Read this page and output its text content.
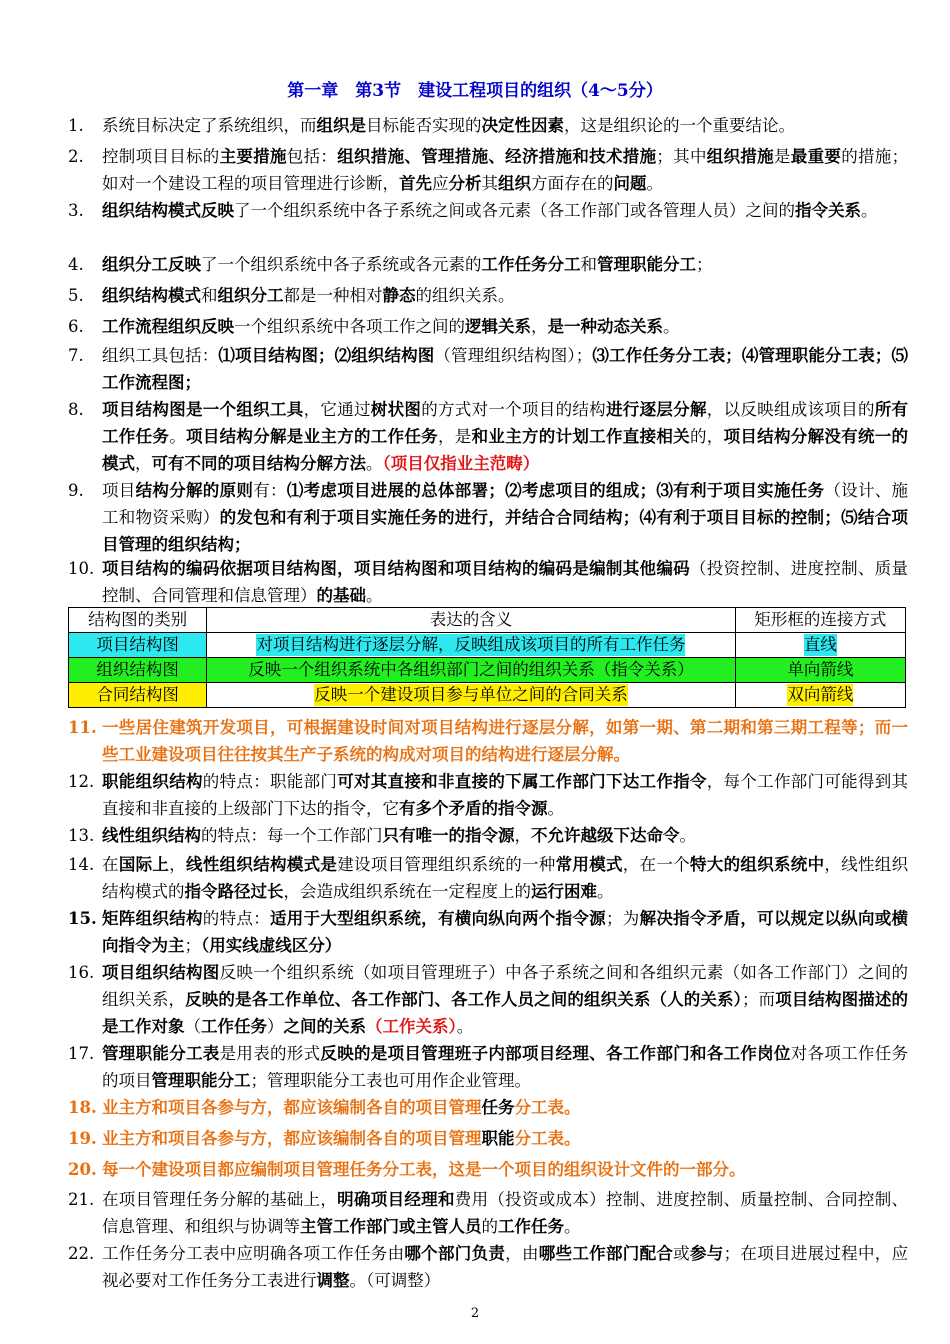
第一章　第3节　建设工程项目的组织（4～5分）
1.	系统目标决定了系统组织，而组织是目标能否实现的决定性因素，这是组织论的一个重要结论。
2.	控制项目目标的主要措施包括：组织措施、管理措施、经济措施和技术措施；其中组织措施是最重要的措施；如对一个建设工程的项目管理进行诊断，首先应分析其组织方面存在的问题。
3.	组织结构模式反映了一个组织系统中各子系统之间或各元素（各工作部门或各管理人员）之间的指令关系。
4.	组织分工反映了一个组织系统中各子系统或各元素的工作任务分工和管理职能分工；
5.	组织结构模式和组织分工都是一种相对静态的组织关系。
6.	工作流程组织反映一个组织系统中各项工作之间的逻辑关系，是一种动态关系。
7.	组织工具包括：⑴项目结构图；⑵组织结构图（管理组织结构图）；⑶工作任务分工表；⑷管理职能分工表；⑸工作流程图；
8.	项目结构图是一个组织工具，它通过树状图的方式对一个项目的结构进行逐层分解，以反映组成该项目的所有工作任务。项目结构分解是业主方的工作任务，是和业主方的计划工作直接相关的，项目结构分解没有统一的模式，可有不同的项目结构分解方法。（项目仅指业主范畴）
9.	项目结构分解的原则有：⑴考虑项目进展的总体部署；⑵考虑项目的组成；⑶有利于项目实施任务（设计、施工和物资采购）的发包和有利于项目实施任务的进行，并结合合同结构；⑷有利于项目目标的控制；⑸结合项目管理的组织结构；
10. 项目结构的编码依据项目结构图，项目结构图和项目结构的编码是编制其他编码（投资控制、进度控制、质量控制、合同管理和信息管理）的基础。
11. 一些居住建筑开发项目，可根据建设时间对项目结构进行逐层分解，如第一期、第二期和第三期工程等；而一些工业建设项目往往按其生产子系统的构成对项目的结构进行逐层分解。
12. 职能组织结构的特点：职能部门可对其直接和非直接的下属工作部门下达工作指令，每个工作部门可能得到其直接和非直接的上级部门下达的指令，它有多个矛盾的指令源。
13. 线性组织结构的特点：每一个工作部门只有唯一的指令源，不允许越级下达命令。
14. 在国际上，线性组织结构模式是建设项目管理组织系统的一种常用模式，在一个特大的组织系统中，线性组织结构模式的指令路径过长，会造成组织系统在一定程度上的运行困难。
15. 矩阵组织结构的特点：适用于大型组织系统，有横向纵向两个指令源；为解决指令矛盾，可以规定以纵向或横向指令为主；（用实线虚线区分）
16. 项目组织结构图反映一个组织系统（如项目管理班子）中各子系统之间和各组织元素（如各工作部门）之间的组织关系，反映的是各工作单位、各工作部门、各工作人员之间的组织关系（人的关系）；而项目结构图描述的是工作对象（工作任务）之间的关系（工作关系）。
17. 管理职能分工表是用表的形式反映的是项目管理班子内部项目经理、各工作部门和各工作岗位对各项工作任务的项目管理职能分工；管理职能分工表也可用作企业管理。
18. 业主方和项目各参与方，都应该编制各自的项目管理任务分工表。
19. 业主方和项目各参与方，都应该编制各自的项目管理职能分工表。
20. 每一个建设项目都应编制项目管理任务分工表，这是一个项目的组织设计文件的一部分。
21. 在项目管理任务分解的基础上，明确项目经理和费用（投资或成本）控制、进度控制、质量控制、合同控制、信息管理、和组织与协调等主管工作部门或主管人员的工作任务。
22. 工作任务分工表中应明确各项工作任务由哪个部门负责，由哪些工作部门配合或参与；在项目进展过程中，应视必要对工作任务分工表进行调整。（可调整）
结构图的类别	表达的含义	矩形框的连接方式
项目结构图	对项目结构进行逐层分解，反映组成该项目的所有工作任务	直线
组织结构图	反映一个组织系统中各组织部门之间的组织关系（指令关系）	单向箭线
合同结构图	反映一个建设项目参与单位之间的合同关系	双向箭线
2
